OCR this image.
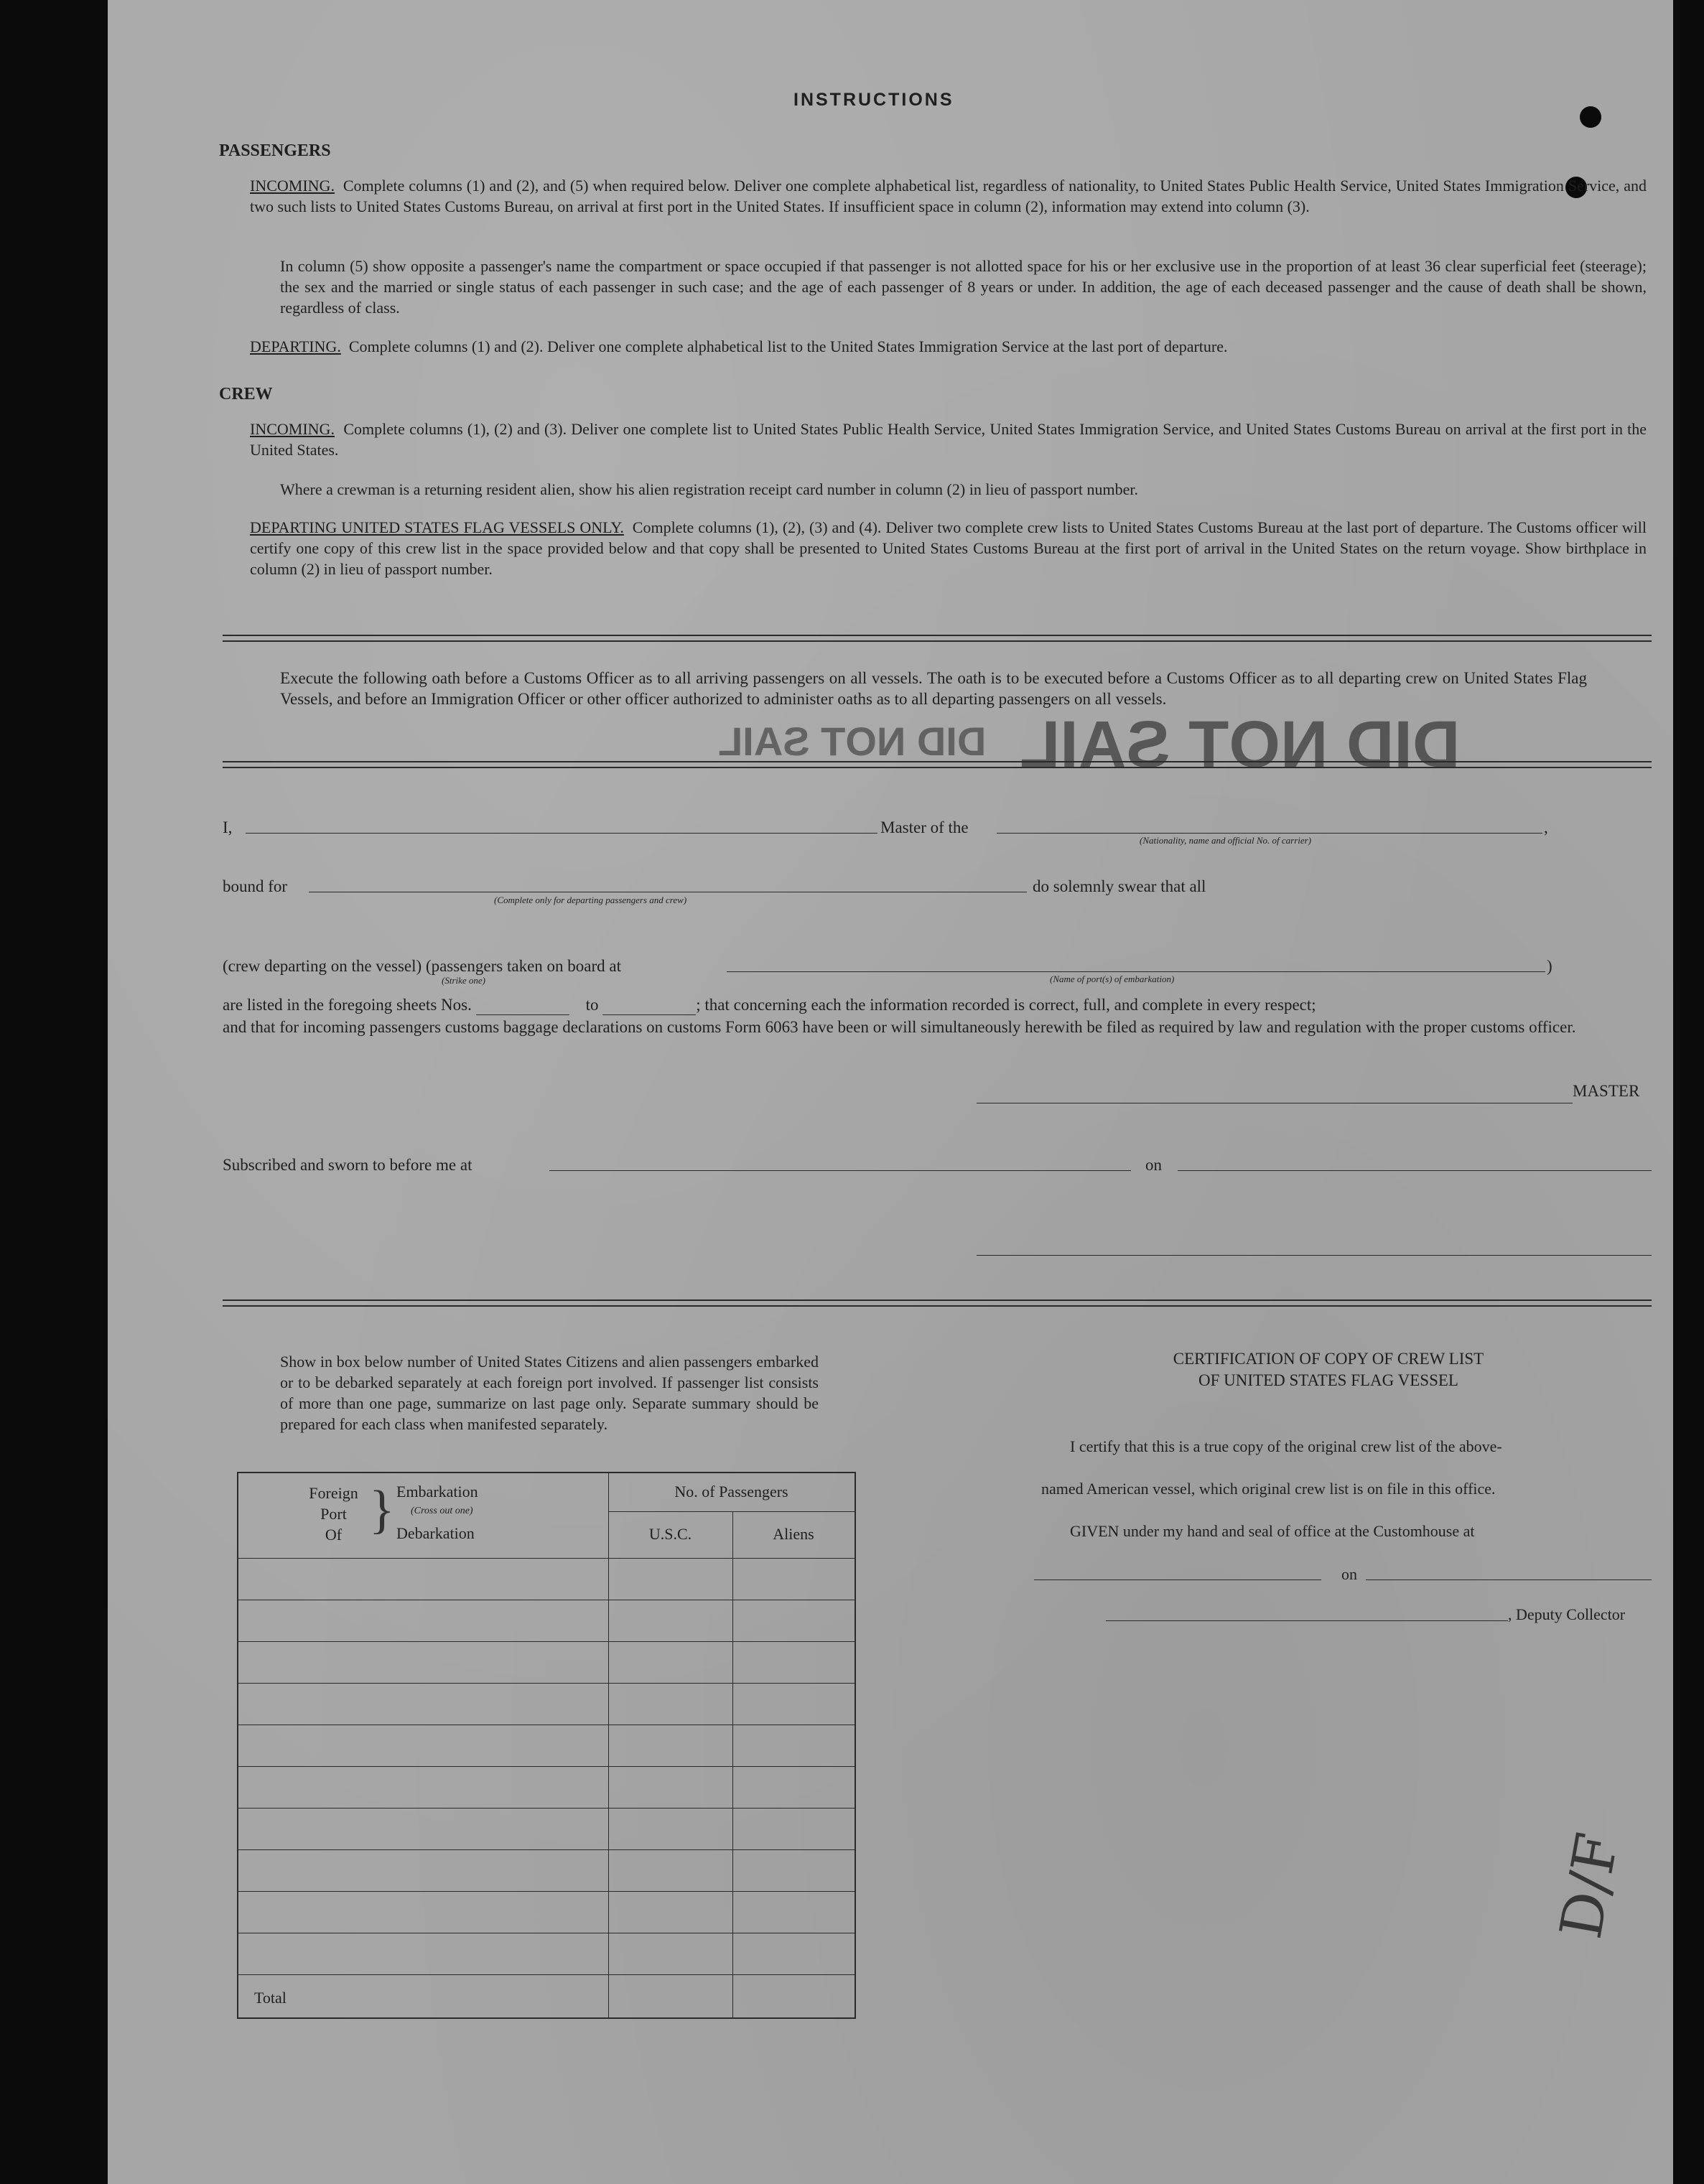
DID NOT SAIL DID NOT SAIL
D/F
INSTRUCTIONS
PASSENGERS
INCOMING. Complete columns (1) and (2), and (5) when required below. Deliver one complete alphabetical list, regardless of nationality, to United States Public Health Service, United States Immigration Service, and two such lists to United States Customs Bureau, on arrival at first port in the United States. If insufficient space in column (2), information may extend into column (3).
In column (5) show opposite a passenger's name the compartment or space occupied if that passenger is not allotted space for his or her exclusive use in the proportion of at least 36 clear superficial feet (steerage); the sex and the married or single status of each passenger in such case; and the age of each passenger of 8 years or under. In addition, the age of each deceased passenger and the cause of death shall be shown, regardless of class.
DEPARTING. Complete columns (1) and (2). Deliver one complete alphabetical list to the United States Immigration Service at the last port of departure.
CREW
INCOMING. Complete columns (1), (2) and (3). Deliver one complete list to United States Public Health Service, United States Immigration Service, and United States Customs Bureau on arrival at the first port in the United States.
Where a crewman is a returning resident alien, show his alien registration receipt card number in column (2) in lieu of passport number.
DEPARTING UNITED STATES FLAG VESSELS ONLY. Complete columns (1), (2), (3) and (4). Deliver two complete crew lists to United States Customs Bureau at the last port of departure. The Customs officer will certify one copy of this crew list in the space provided below and that copy shall be presented to United States Customs Bureau at the first port of arrival in the United States on the return voyage. Show birthplace in column (2) in lieu of passport number.
Execute the following oath before a Customs Officer as to all arriving passengers on all vessels. The oath is to be executed before a Customs Officer as to all departing crew on United States Flag Vessels, and before an Immigration Officer or other officer authorized to administer oaths as to all departing passengers on all vessels.
I,	Master of the	,
(Nationality, name and official No. of carrier)
bound for	do solemnly swear that all
(Complete only for departing passengers and crew)
(crew departing on the vessel) (passengers taken on board at	)
(Strike one)	(Name of port(s) of embarkation)
are listed in the foregoing sheets Nos.	to	; that concerning each the information recorded is correct, full, and complete in every respect;
and that for incoming passengers customs baggage declarations on customs Form 6063 have been or will simultaneously herewith be filed as required by law and regulation with the proper customs officer.
MASTER
Subscribed and sworn to before me at	on
Show in box below number of United States Citizens and alien passengers embarked or to be debarked separately at each foreign port involved. If passenger list consists of more than one page, summarize on last page only. Separate summary should be prepared for each class when manifested separately.
Foreign
Port
Of } Embarkation
(Cross out one)
Debarkation
No. of Passengers
U.S.C.	Aliens
Total
CERTIFICATION OF COPY OF CREW LIST
OF UNITED STATES FLAG VESSEL
I certify that this is a true copy of the original crew list of the above-
named American vessel, which original crew list is on file in this office.
GIVEN under my hand and seal of office at the Customhouse at
on
, Deputy Collector
